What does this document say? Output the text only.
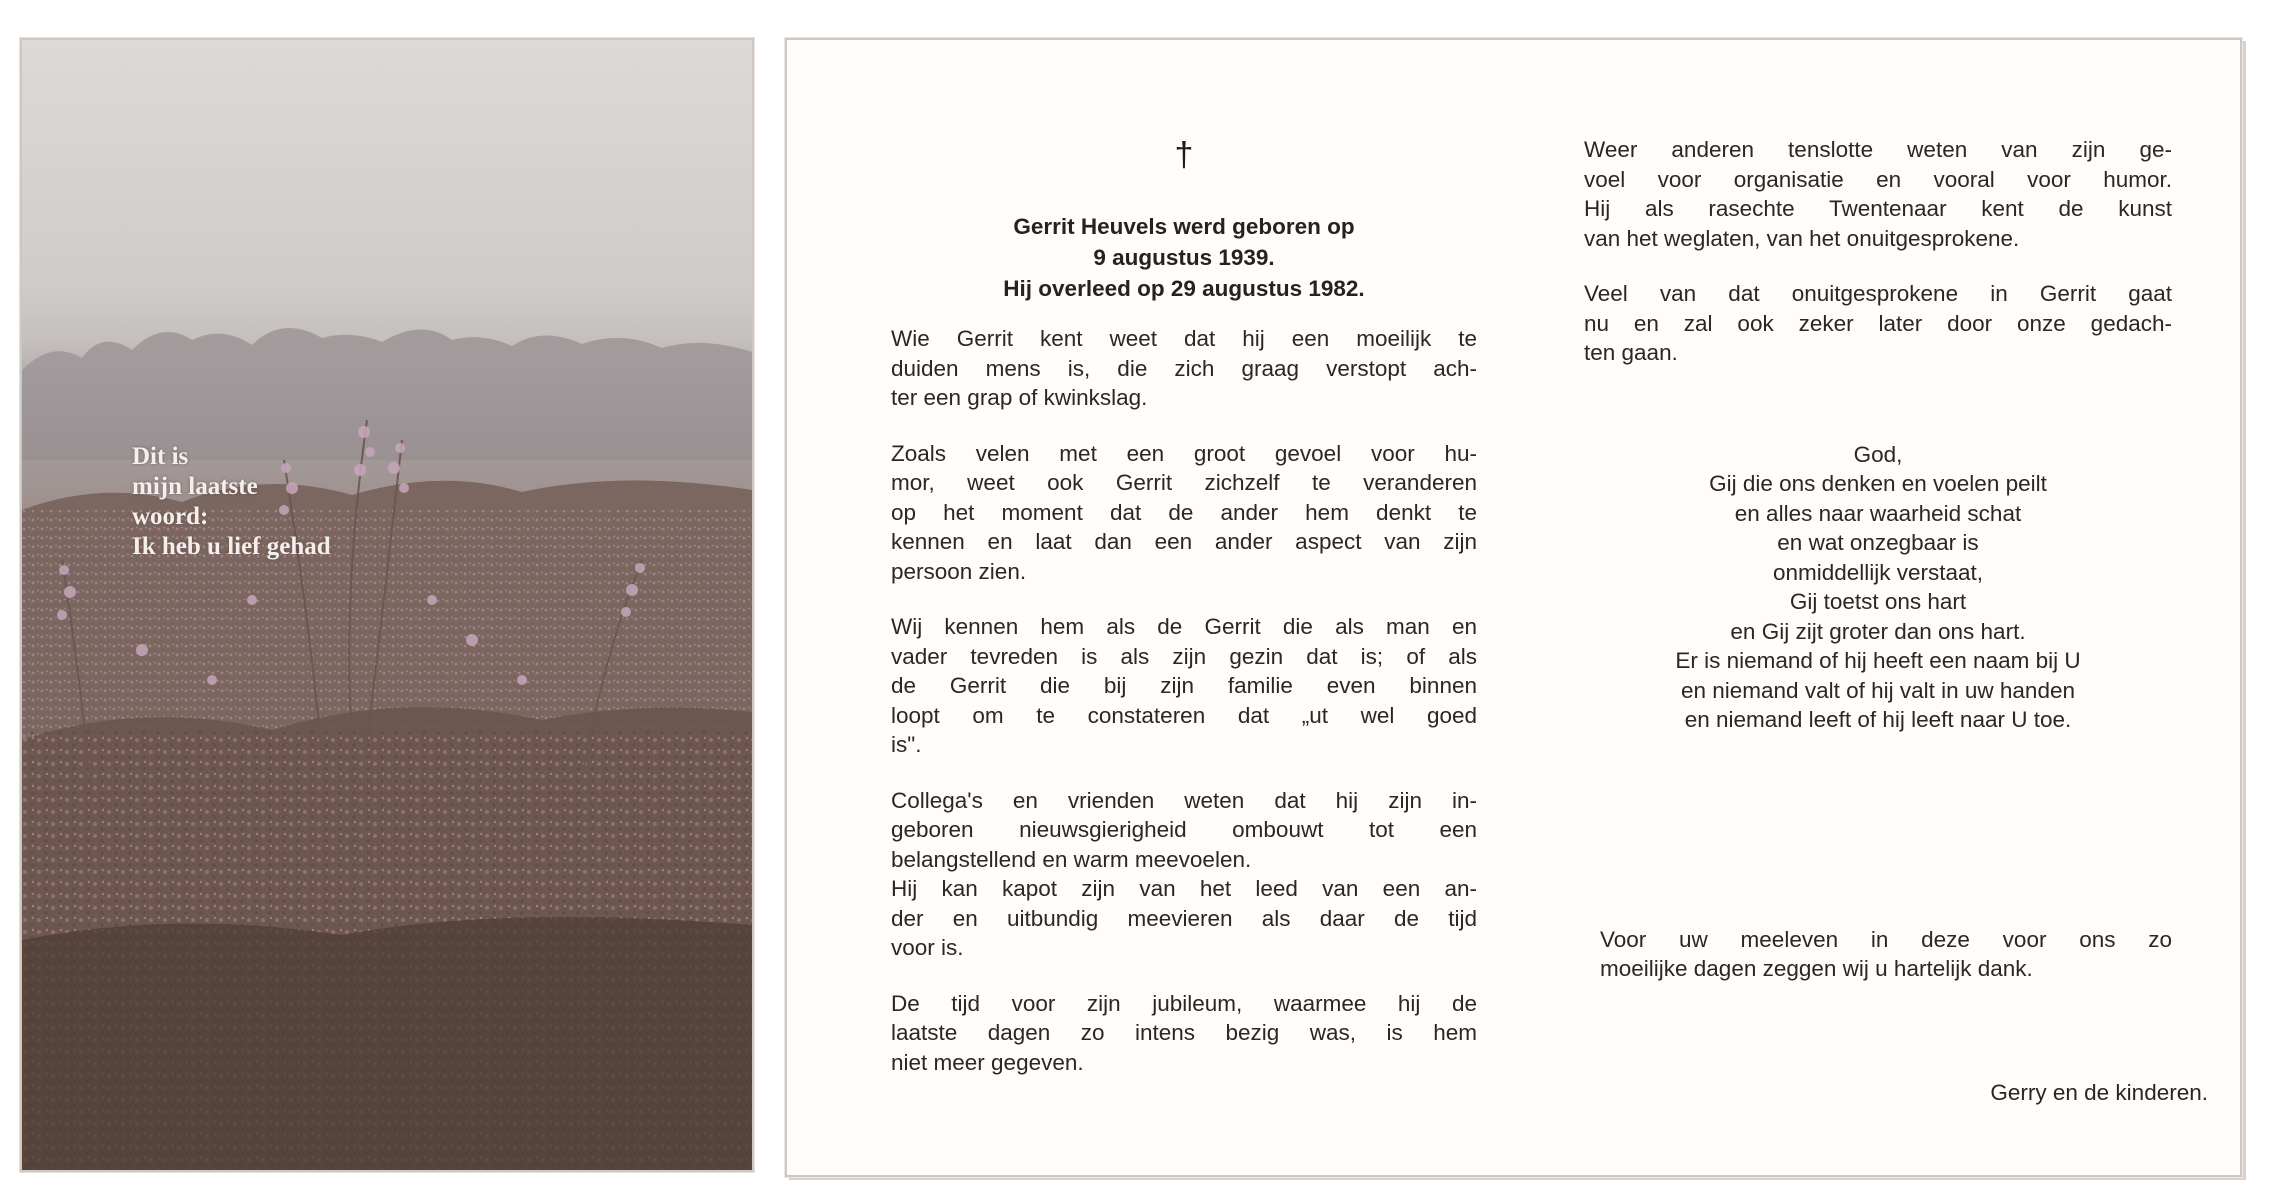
Dit is
mijn laatste
woord:
Ik heb u lief gehad

†
Gerrit Heuvels werd geboren op
9 augustus 1939.
Hij overleed op 29 augustus 1982.
Wie Gerrit kent weet dat hij een moeilijk te
duiden mens is, die zich graag verstopt ach-
ter een grap of kwinkslag.
Zoals velen met een groot gevoel voor hu-
mor, weet ook Gerrit zichzelf te veranderen
op het moment dat de ander hem denkt te
kennen en laat dan een ander aspect van zijn
persoon zien.
Wij kennen hem als de Gerrit die als man en
vader tevreden is als zijn gezin dat is; of als
de Gerrit die bij zijn familie even binnen
loopt om te constateren dat „ut wel goed
is".
Collega's en vrienden weten dat hij zijn in-
geboren nieuwsgierigheid ombouwt tot een
belangstellend en warm meevoelen.
Hij kan kapot zijn van het leed van een an-
der en uitbundig meevieren als daar de tijd
voor is.
De tijd voor zijn jubileum, waarmee hij de
laatste dagen zo intens bezig was, is hem
niet meer gegeven.
Weer anderen tenslotte weten van zijn ge-
voel voor organisatie en vooral voor humor.
Hij als rasechte Twentenaar kent de kunst
van het weglaten, van het onuitgesprokene.
Veel van dat onuitgesprokene in Gerrit gaat
nu en zal ook zeker later door onze gedach-
ten gaan.
God,
Gij die ons denken en voelen peilt
en alles naar waarheid schat
en wat onzegbaar is
onmiddellijk verstaat,
Gij toetst ons hart
en Gij zijt groter dan ons hart.
Er is niemand of hij heeft een naam bij U
en niemand valt of hij valt in uw handen
en niemand leeft of hij leeft naar U toe.
Voor uw meeleven in deze voor ons zo
moeilijke dagen zeggen wij u hartelijk dank.
Gerry en de kinderen.
